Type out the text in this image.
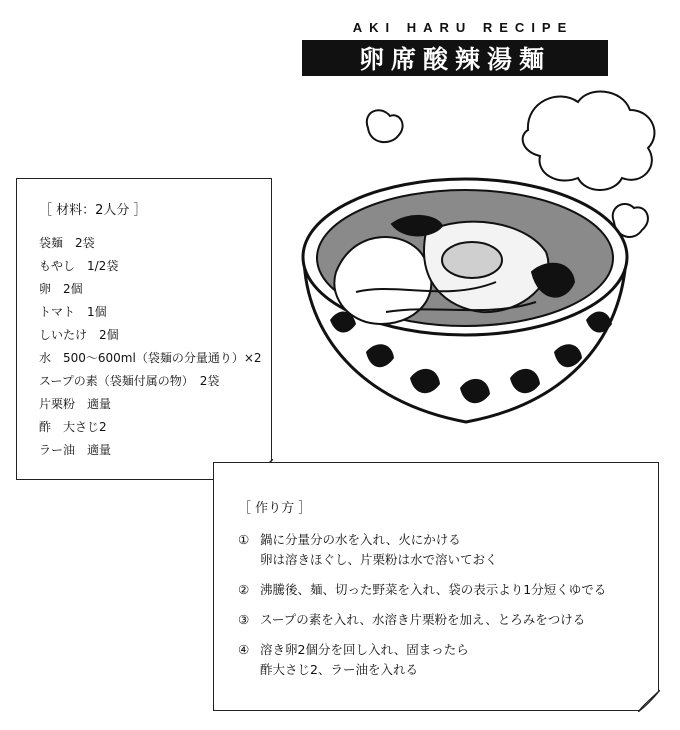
AKI HARU RECIPE
卵席酸辣湯麺
［ 材料：2人分 ］
袋麺　2袋
もやし　1/2袋
卵　2個
トマト　1個
しいたけ　2個
水　500〜600ml（袋麺の分量通り）×2
スープの素（袋麺付属の物）　2袋
片栗粉　適量
酢　大さじ2
ラー油　適量
［ 作り方 ］
① 鍋に分量分の水を入れ、火にかける
卵は溶きほぐし、片栗粉は水で溶いておく
② 沸騰後、麺、切った野菜を入れ、袋の表示より1分短くゆでる
③ スープの素を入れ、水溶き片栗粉を加え、とろみをつける
④ 溶き卵2個分を回し入れ、固まったら
酢大さじ2、ラー油を入れる
